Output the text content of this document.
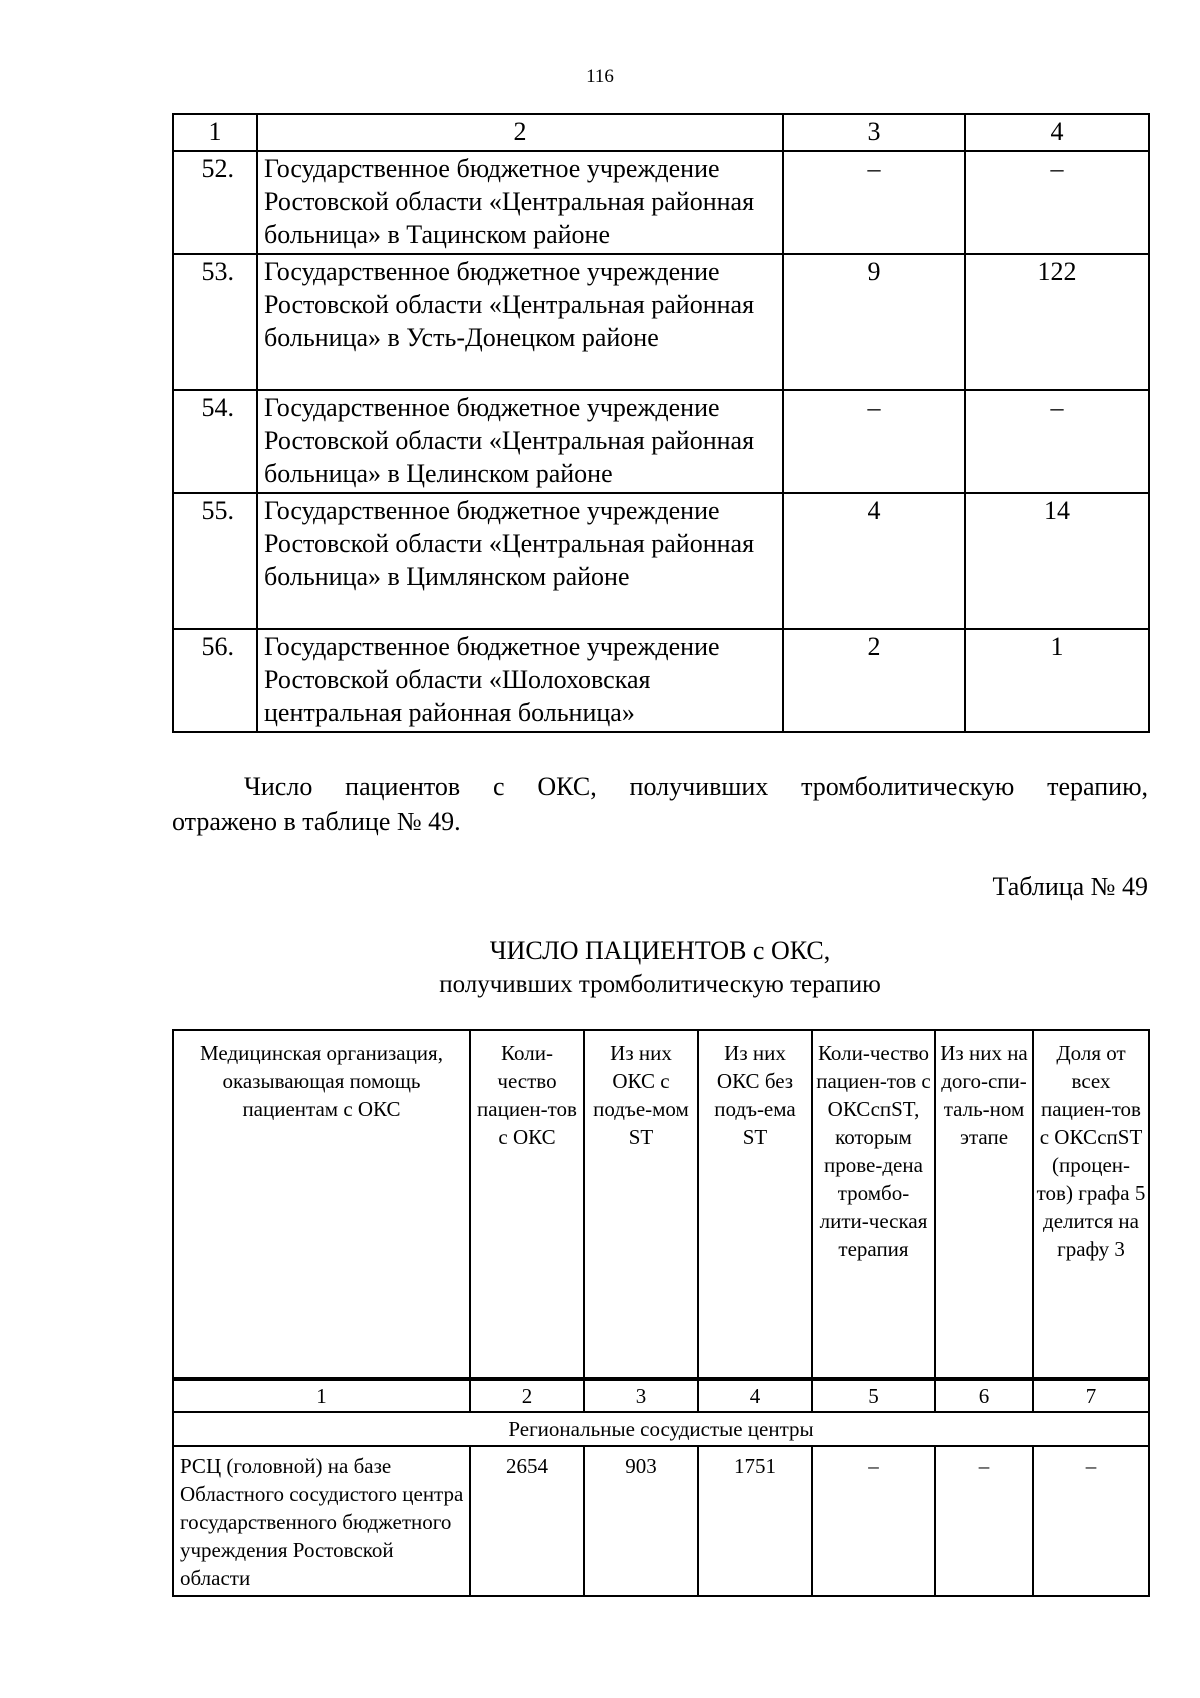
116
1	2	3	4
52.	Государственное бюджетное учреждение Ростовской области «Центральная районная больница» в Тацинском районе	–	–
53.	Государственное бюджетное учреждение Ростовской области «Центральная районная больница» в Усть-Донецком районе	9	122
54.	Государственное бюджетное учреждение Ростовской области «Центральная районная больница» в Целинском районе	–	–
55.	Государственное бюджетное учреждение Ростовской области «Центральная районная больница» в Цимлянском районе	4	14
56.	Государственное бюджетное учреждение Ростовской области «Шолоховская центральная районная больница»	2	1
Число пациентов с ОКС, получивших тромболитическую терапию,
отражено в таблице № 49.
Таблица № 49
ЧИСЛО ПАЦИЕНТОВ с ОКС,
получивших тромболитическую терапию
Медицинская организация, оказывающая помощь пациентам с ОКС	Коли-чество пациен-тов с ОКС	Из них ОКС с подъе-мом ST	Из них ОКС без подъ-ема ST	Коли-чество пациен-тов с ОКСспST, которым прове-дена тромбо-лити-ческая терапия	Из них на дого-спи-таль-ном этапе	Доля от всех пациен-тов с ОКСспST (процен-тов) графа 5 делится на графу 3
1	2	3	4	5	6	7
Региональные сосудистые центры						
РСЦ (головной) на базе Областного сосудистого центра государственного бюджетного учреждения Ростовской области	2654	903	1751	–	–	–
